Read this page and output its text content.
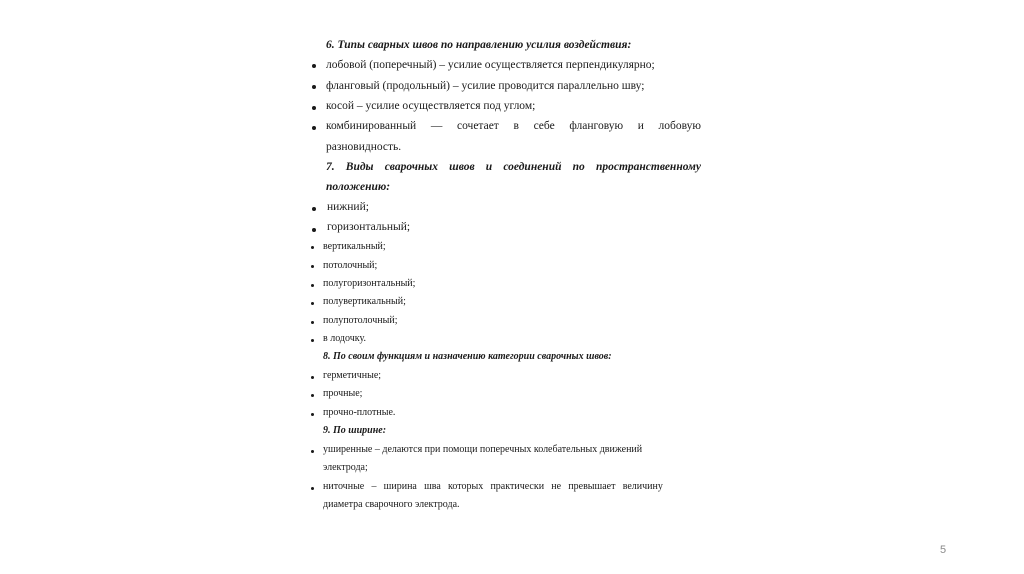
6. Типы сварных швов по направлению усилия воздействия:
лобовой (поперечный) – усилие осуществляется перпендикулярно;
фланговый (продольный) – усилие проводится параллельно шву;
косой – усилие осуществляется под углом;
комбинированный — сочетает в себе фланговую и лобовую
разновидность.
7. Виды сварочных швов и соединений по пространственному
положению:
нижний;
горизонтальный;
вертикальный;
потолочный;
полугоризонтальный;
полувертикальный;
полупотолочный;
в лодочку.
8. По своим функциям и назначению категории сварочных швов:
герметичные;
прочные;
прочно-плотные.
9. По ширине:
уширенные – делаются при помощи поперечных колебательных движений
электрода;
ниточные – ширина шва которых практически не превышает величину
диаметра сварочного электрода.
5
